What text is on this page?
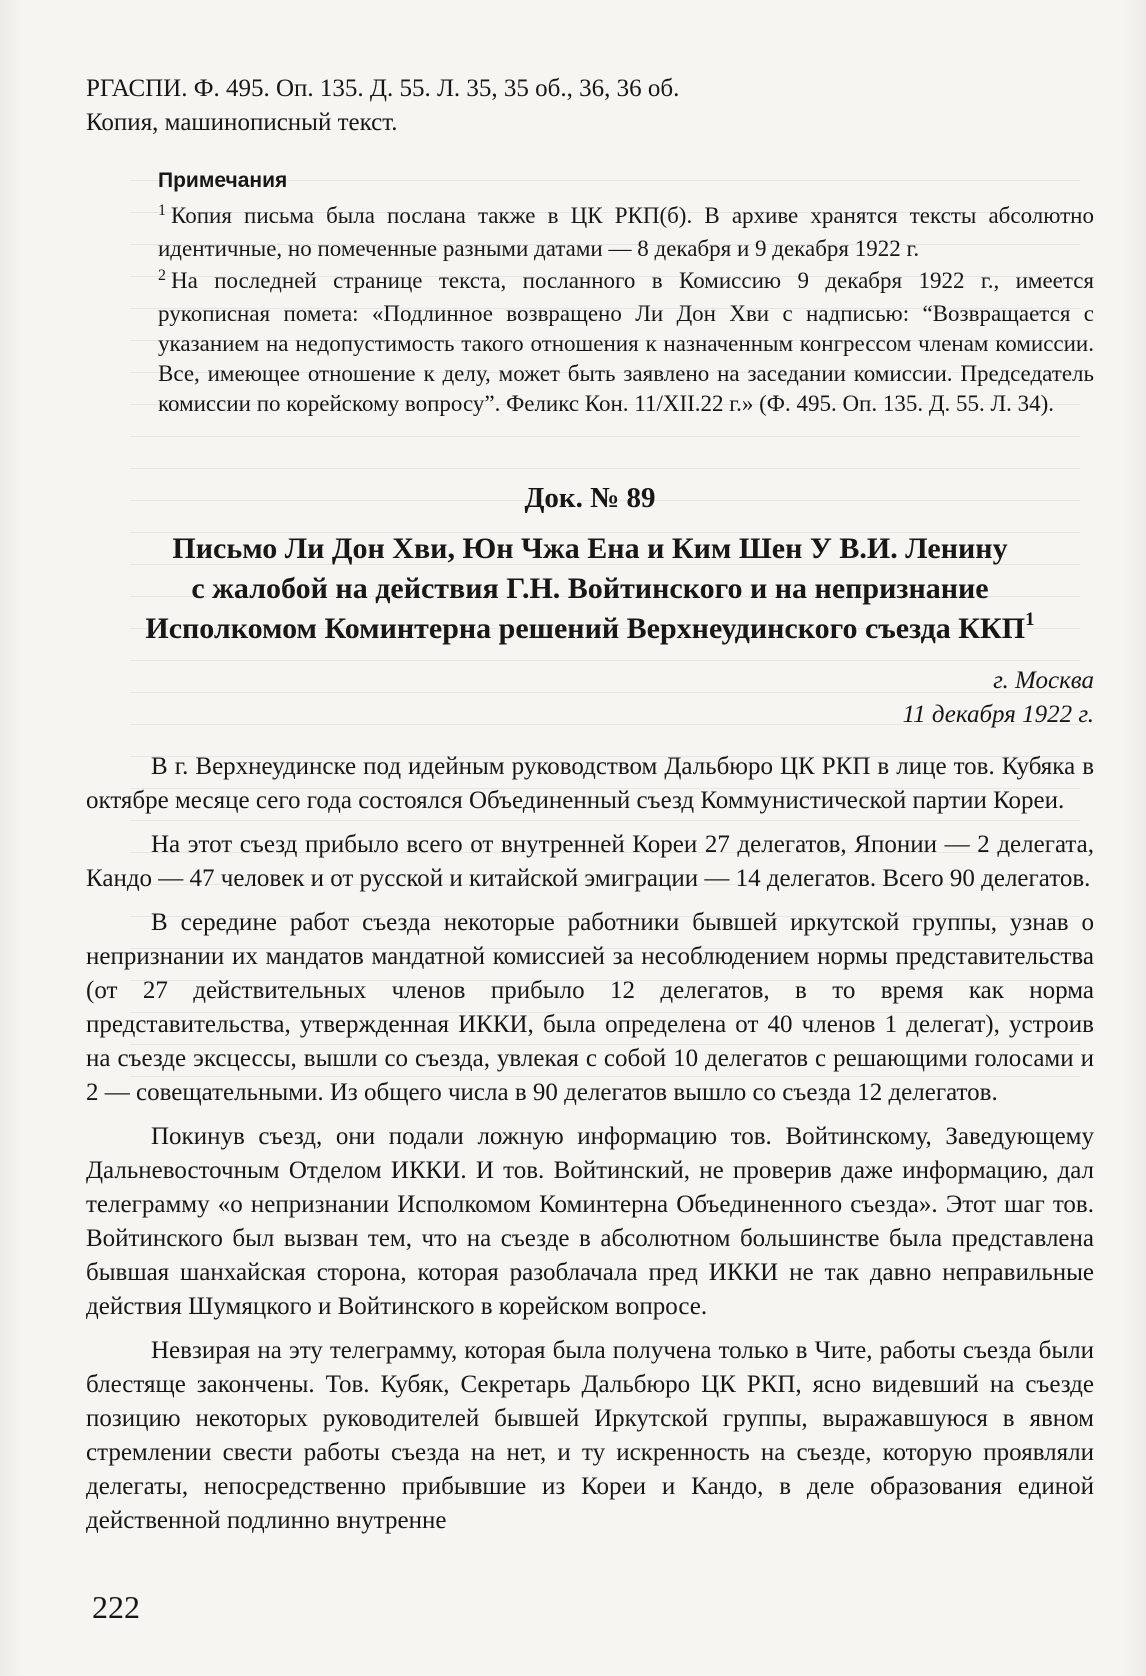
РГАСПИ. Ф. 495. Оп. 135. Д. 55. Л. 35, 35 об., 36, 36 об.

Копия, машинописный текст.

Примечания

$^1$ Копия письма была послана также в ЦК РКП(б). В архиве хранятся тексты абсолютно идентичные, но помеченные разными датами — 8 декабря и 9 декабря 1922 г.

$^2$ На последней странице текста, посланного в Комиссию 9 декабря 1922 г., имеется рукописная помета: «Подлинное возвращено Ли Дон Хви с надписью: “Возвращается с указанием на недопустимость такого отношения к назначенным конгрессом членам комиссии. Все, имеющее отношение к делу, может быть заявлено на заседании комиссии. Председатель комиссии по корейскому вопросу”. Феликс Кон. 11/XII.22 г.» (Ф. 495. Оп. 135. Д. 55. Л. 34).

Док. № 89
Письмо Ли Дон Хви, Юн Чжа Ена и Ким Шен У В.И. Ленину
с жалобой на действия Г.Н. Войтинского и на непризнание
Исполкомом Коминтерна решений Верхнеудинского съезда ККП$^1$
г. Москва
11 декабря 1922 г.

В г. Верхнеудинске под идейным руководством Дальбюро ЦК РКП в лице тов. Кубяка в октябре месяце сего года состоялся Объединенный съезд Коммунистической партии Кореи.

На этот съезд прибыло всего от внутренней Кореи 27 делегатов, Японии — 2 делегата, Кандо — 47 человек и от русской и китайской эмиграции — 14 делегатов. Всего 90 делегатов.

В середине работ съезда некоторые работники бывшей иркутской группы, узнав о непризнании их мандатов мандатной комиссией за несоблюдением нормы представительства (от 27 действительных членов прибыло 12 делегатов, в то время как норма представительства, утвержденная ИККИ, была определена от 40 членов 1 делегат), устроив на съезде эксцессы, вышли со съезда, увлекая с собой 10 делегатов с решающими голосами и 2 — совещательными. Из общего числа в 90 делегатов вышло со съезда 12 делегатов.

Покинув съезд, они подали ложную информацию тов. Войтинскому, Заведующему Дальневосточным Отделом ИККИ. И тов. Войтинский, не проверив даже информацию, дал телеграмму «о непризнании Исполкомом Коминтерна Объединенного съезда». Этот шаг тов. Войтинского был вызван тем, что на съезде в абсолютном большинстве была представлена бывшая шанхайская сторона, которая разоблачала пред ИККИ не так давно неправильные действия Шумяцкого и Войтинского в корейском вопросе.

Невзирая на эту телеграмму, которая была получена только в Чите, работы съезда были блестяще закончены. Тов. Кубяк, Секретарь Дальбюро ЦК РКП, ясно видевший на съезде позицию некоторых руководителей бывшей Иркутской группы, выражавшуюся в явном стремлении свести работы съезда на нет, и ту искренность на съезде, которую проявляли делегаты, непосредственно прибывшие из Кореи и Кандо, в деле образования единой действенной подлинно внутренне

222
